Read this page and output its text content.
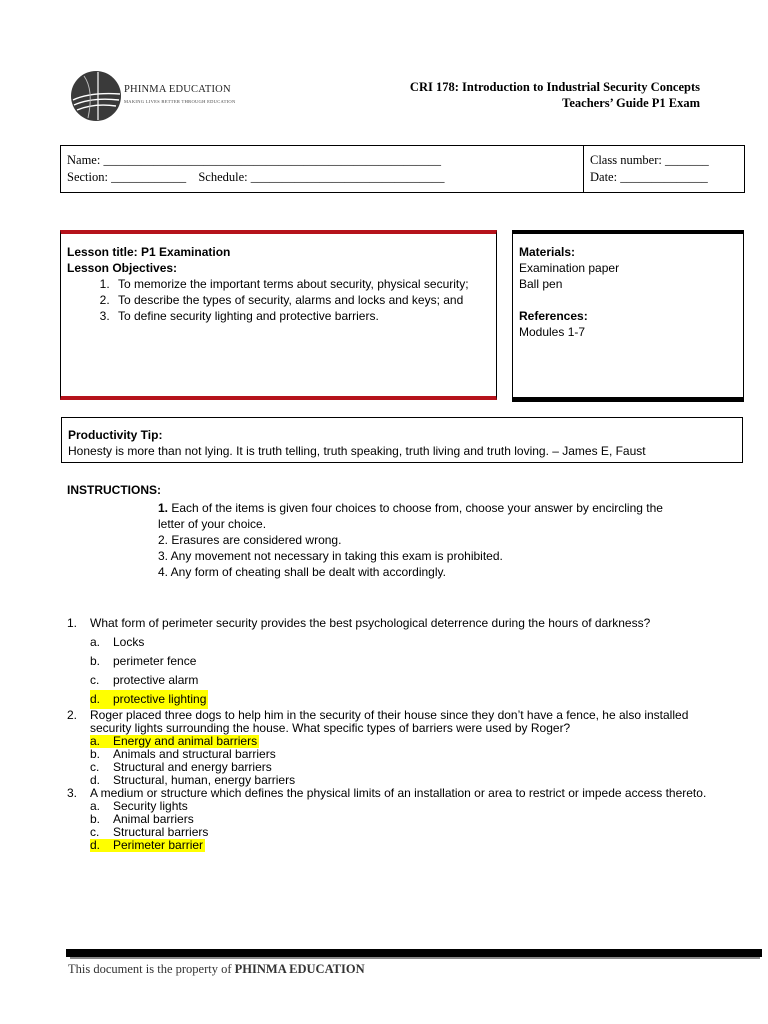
PHINMA EDUCATION
MAKING LIVES BETTER THROUGH EDUCATION
CRI 178: Introduction to Industrial Security Concepts
Teachers’ Guide P1 Exam
Name: ______________________________________________________
Section: ____________ Schedule: _______________________________
Class number: _______
Date: ______________
Lesson title: P1 Examination
Lesson Objectives:
1. To memorize the important terms about security, physical security;
2. To describe the types of security, alarms and locks and keys; and
3. To define security lighting and protective barriers.
Materials:
Examination paper
Ball pen
References:
Modules 1-7
Productivity Tip:
Honesty is more than not lying. It is truth telling, truth speaking, truth living and truth loving. – James E, Faust
INSTRUCTIONS:
1. Each of the items is given four choices to choose from, choose your answer by encircling the letter of your choice.
2. Erasures are considered wrong.
3. Any movement not necessary in taking this exam is prohibited.
4. Any form of cheating shall be dealt with accordingly.
1. What form of perimeter security provides the best psychological deterrence during the hours of darkness?
a. Locks
b. perimeter fence
c. protective alarm
d. protective lighting
2. Roger placed three dogs to help him in the security of their house since they don’t have a fence, he also installed security lights surrounding the house. What specific types of barriers were used by Roger?
a. Energy and animal barriers
b. Animals and structural barriers
c. Structural and energy barriers
d. Structural, human, energy barriers
3. A medium or structure which defines the physical limits of an installation or area to restrict or impede access thereto.
a. Security lights
b. Animal barriers
c. Structural barriers
d. Perimeter barrier
This document is the property of PHINMA EDUCATION
